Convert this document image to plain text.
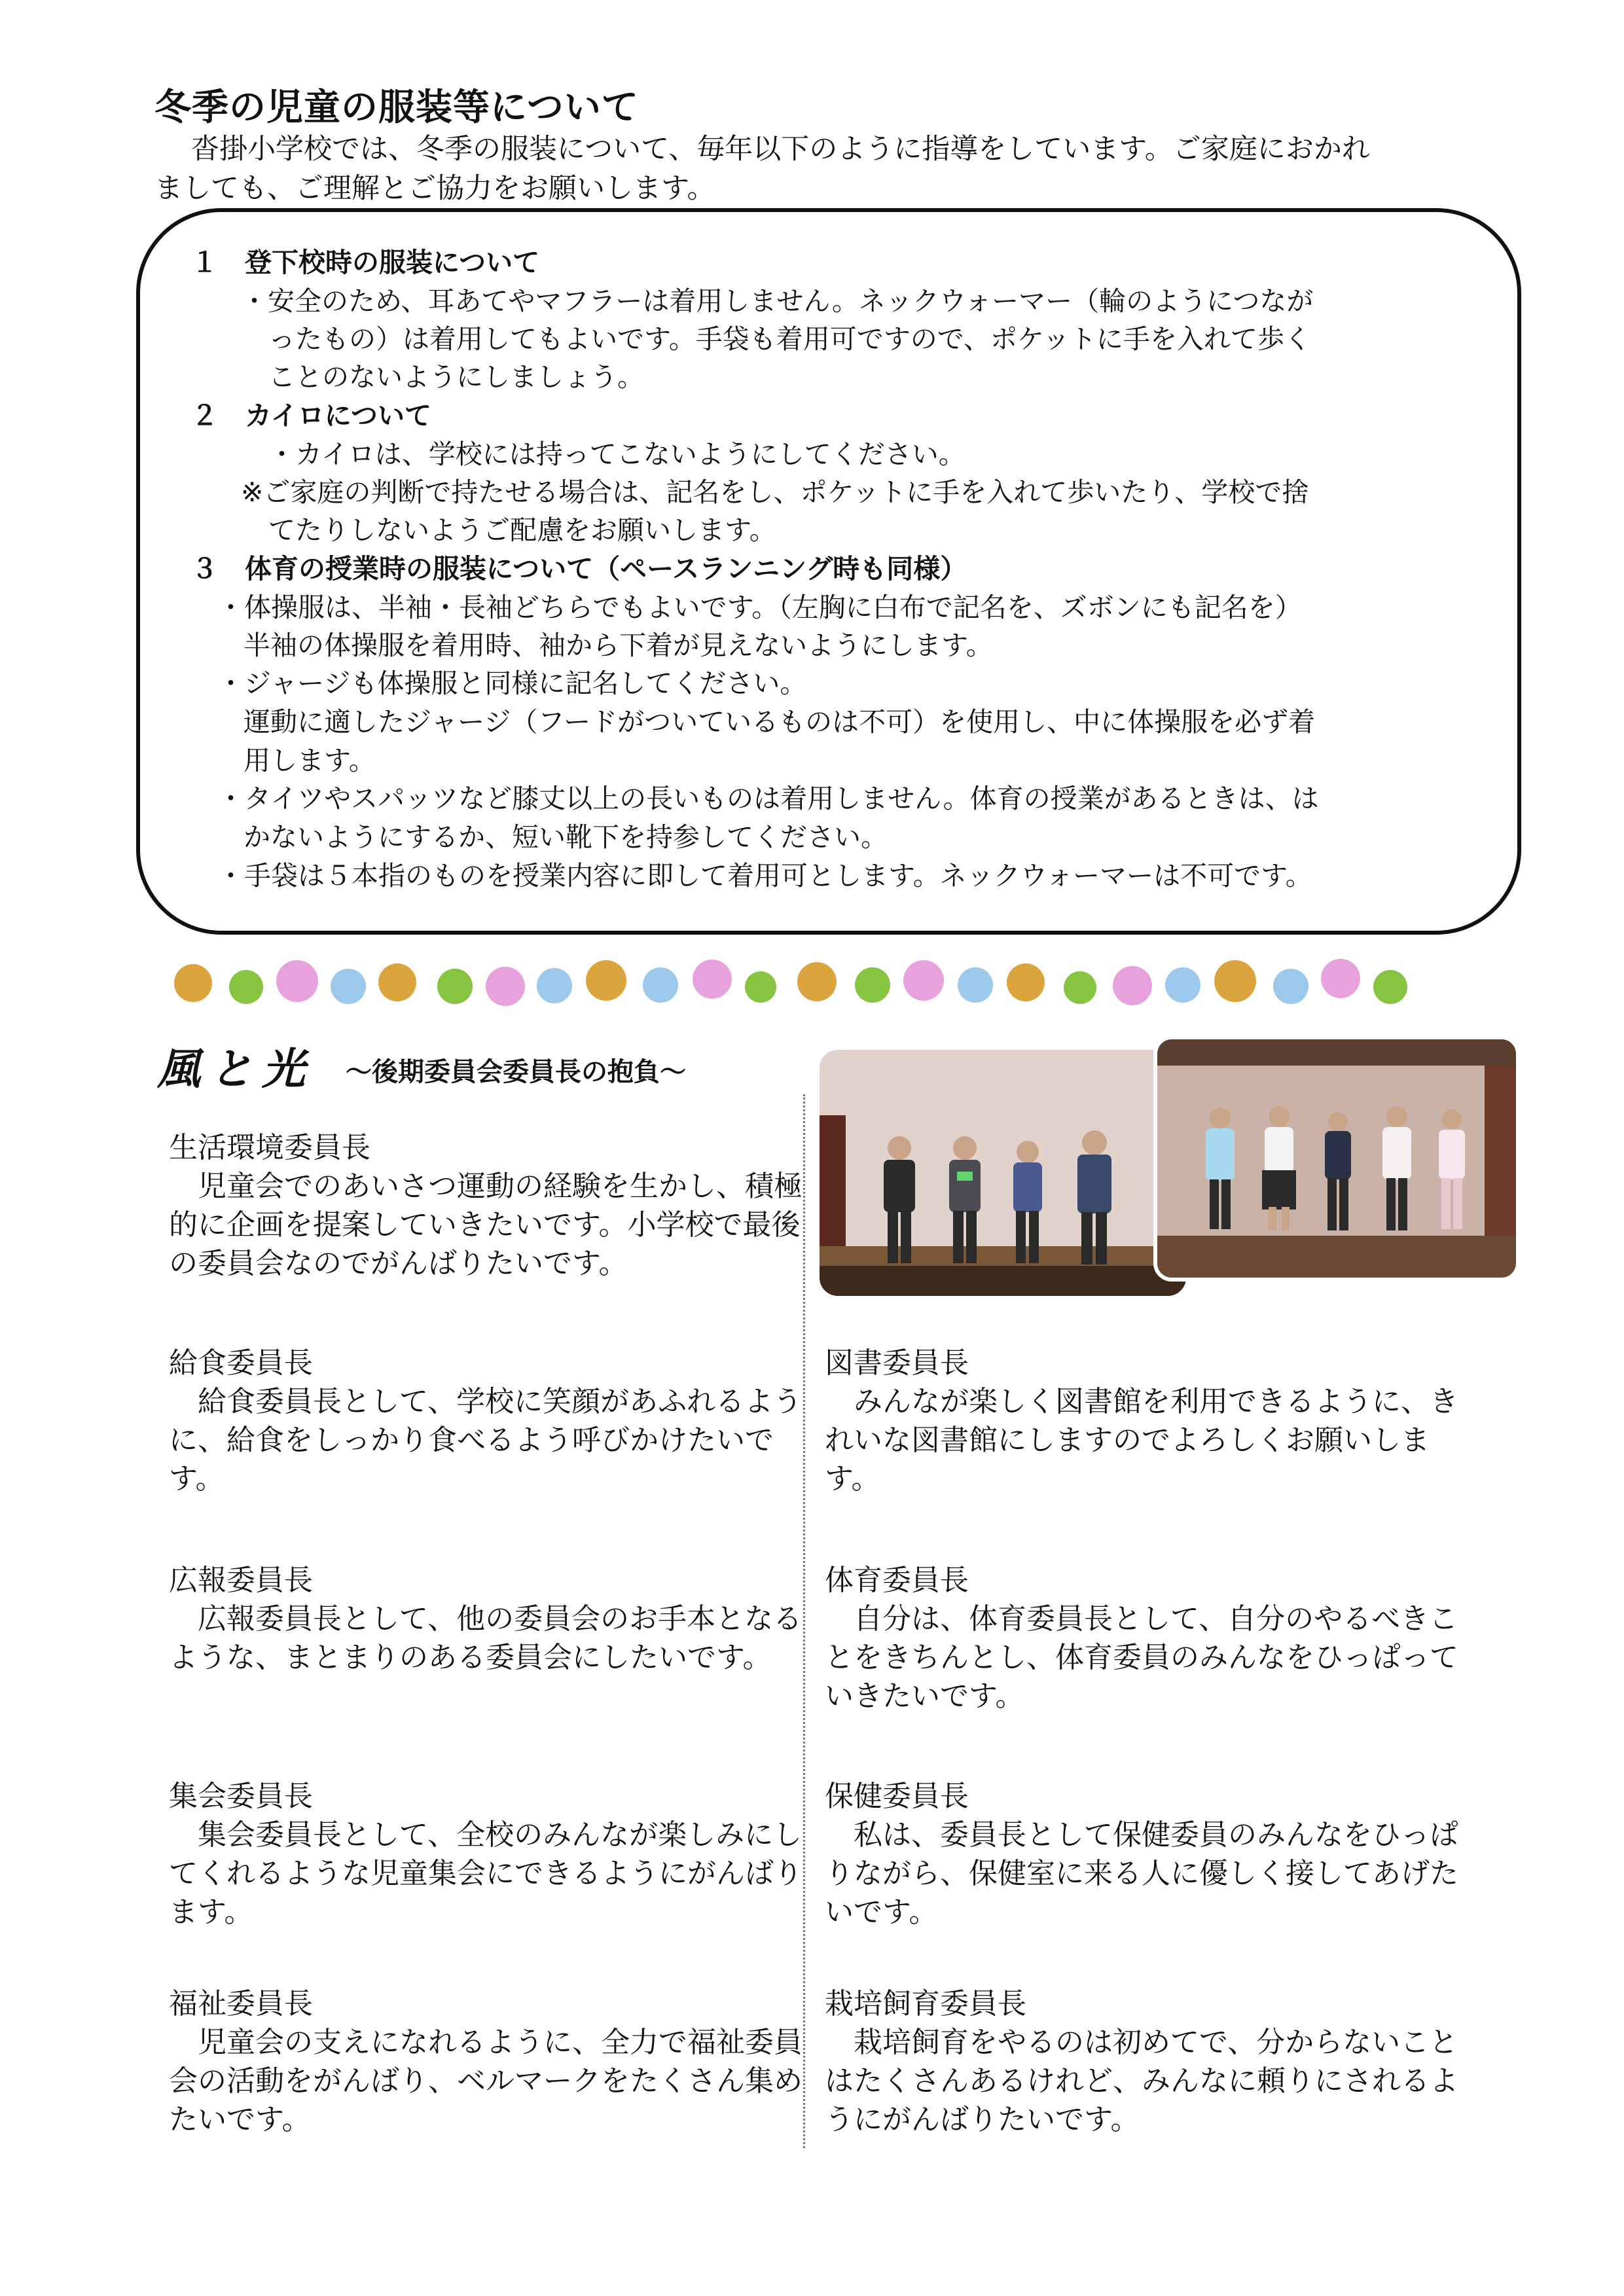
冬季の児童の服装等について

沓掛小学校では、冬季の服装について、毎年以下のように指導をしています。ご家庭におかれ

ましても、ご理解とご協力をお願いします。

１　登下校時の服装について
・安全のため、耳あてやマフラーは着用しません。ネックウォーマー（輪のようにつなが
ったもの）は着用してもよいです。手袋も着用可ですので、ポケットに手を入れて歩く
ことのないようにしましょう。
２　カイロについて
・カイロは、学校には持ってこないようにしてください。
※ご家庭の判断で持たせる場合は、記名をし、ポケットに手を入れて歩いたり、学校で捨
てたりしないようご配慮をお願いします。
３　体育の授業時の服装について（ペースランニング時も同様）
・体操服は、半袖・長袖どちらでもよいです。（左胸に白布で記名を、ズボンにも記名を）
半袖の体操服を着用時、袖から下着が見えないようにします。
・ジャージも体操服と同様に記名してください。
運動に適したジャージ（フードがついているものは不可）を使用し、中に体操服を必ず着
用します。
・タイツやスパッツなど膝丈以上の長いものは着用しません。体育の授業があるときは、は
かないようにするか、短い靴下を持参してください。
・手袋は５本指のものを授業内容に即して着用可とします。ネックウォーマーは不可です。
風と光 ～後期委員会委員長の抱負～

生活環境委員長

児童会でのあいさつ運動の経験を生かし、積極的に企画を提案していきたいです。小学校で最後の委員会なのでがんばりたいです。

給食委員長

給食委員長として、学校に笑顔があふれるように、給食をしっかり食べるよう呼びかけたいです。

広報委員長

広報委員長として、他の委員会のお手本となるような、まとまりのある委員会にしたいです。

集会委員長

集会委員長として、全校のみんなが楽しみにしてくれるような児童集会にできるようにがんばります。

福祉委員長

児童会の支えになれるように、全力で福祉委員会の活動をがんばり、ベルマークをたくさん集めたいです。

図書委員長

みんなが楽しく図書館を利用できるように、きれいな図書館にしますのでよろしくお願いします。

体育委員長

自分は、体育委員長として、自分のやるべきことをきちんとし、体育委員のみんなをひっぱっていきたいです。

保健委員長

私は、委員長として保健委員のみんなをひっぱりながら、保健室に来る人に優しく接してあげたいです。

栽培飼育委員長

栽培飼育をやるのは初めてで、分からないことはたくさんあるけれど、みんなに頼りにされるようにがんばりたいです。
